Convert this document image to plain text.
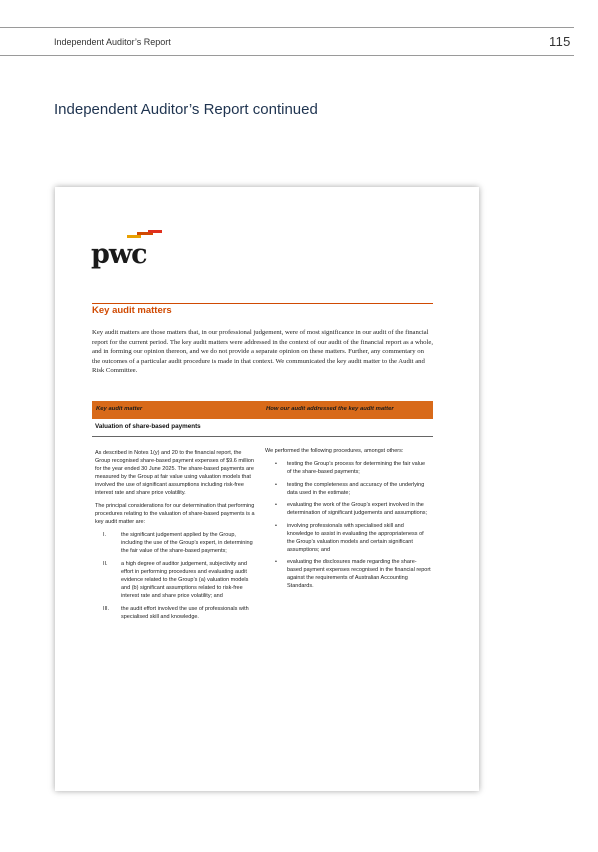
Independent Auditor’s Report	115
Independent Auditor’s Report continued
pwc
Key audit matters
Key audit matters are those matters that, in our professional judgement, were of most significance in our audit of the financial report for the current period. The key audit matters were addressed in the context of our audit of the financial report as a whole, and in forming our opinion thereon, and we do not provide a separate opinion on these matters. Further, any commentary on the outcomes of a particular audit procedure is made in that context. We communicated the key audit matter to the Audit and Risk Committee.
Key audit matter	How our audit addressed the key audit matter
Valuation of share-based payments

As described in Notes 1(y) and 20 to the financial report, the Group recognised share-based payment expenses of $9.6 million for the year ended 30 June 2025. The share-based payments are measured by the Group at fair value using valuation models that involved the use of significant assumptions including risk-free interest rate and share price volatility.

The principal considerations for our determination that performing procedures relating to the valuation of share-based payments is a key audit matter are:

I.	the significant judgement applied by the Group, including the use of the Group’s expert, in determining the fair value of the share-based payments;
II. a high degree of auditor judgement, subjectivity and effort in performing procedures and evaluating audit evidence related to the Group’s (a) valuation models and (b) significant assumptions related to risk-free interest rate and share price volatility; and
III. the audit effort involved the use of professionals with specialised skill and knowledge.

We performed the following procedures, amongst others:

• testing the Group’s process for determining the fair value of the share-based payments;
• testing the completeness and accuracy of the underlying data used in the estimate;
• evaluating the work of the Group’s expert involved in the determination of significant judgements and assumptions;
• involving professionals with specialised skill and knowledge to assist in evaluating the appropriateness of the Group’s valuation models and certain significant assumptions; and
• evaluating the disclosures made regarding the share-based payment expenses recognised in the financial report against the requirements of Australian Accounting Standards.
